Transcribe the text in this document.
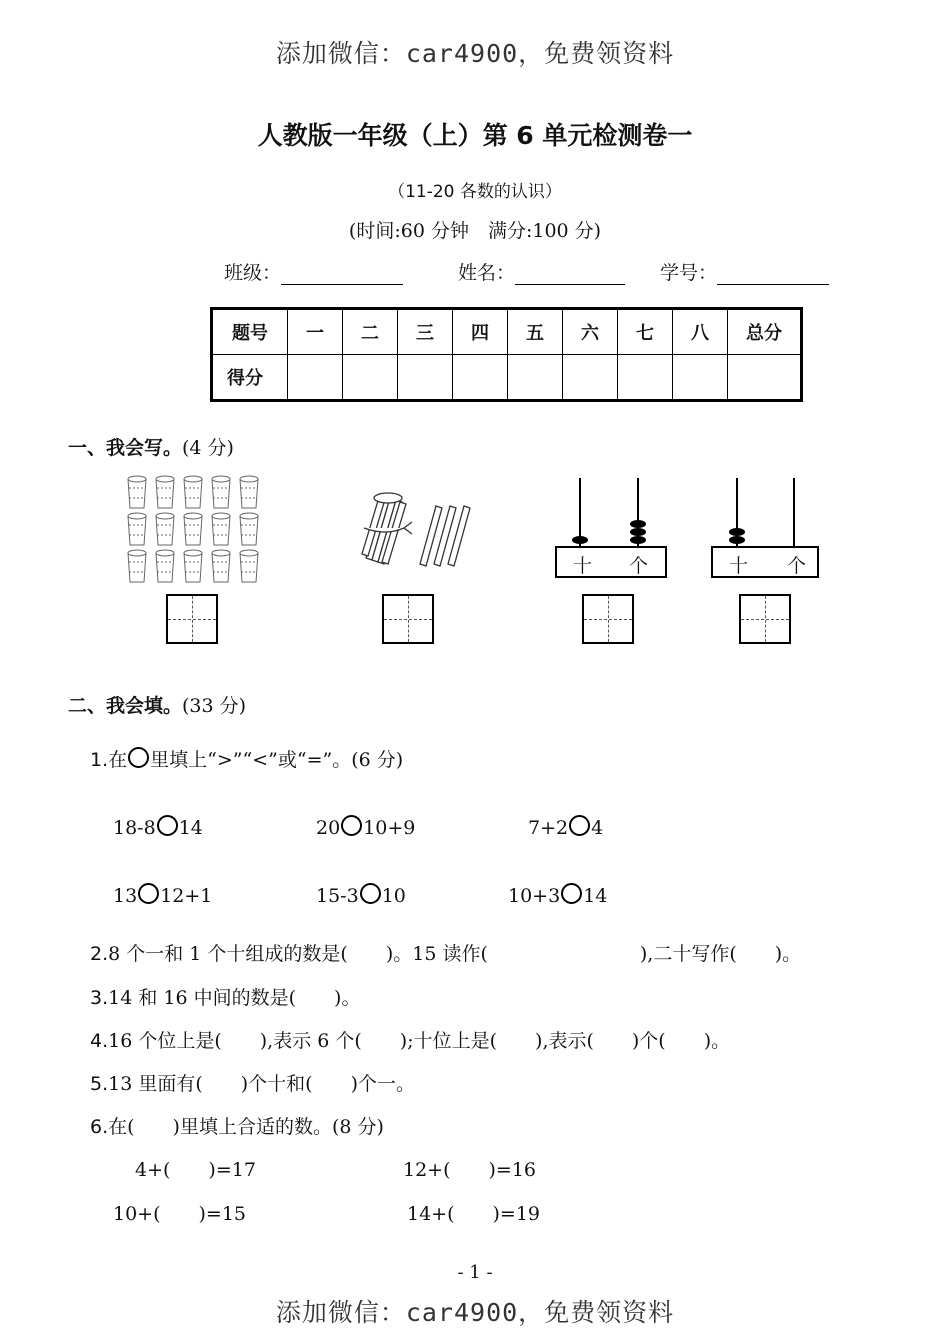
添加微信：car4900，免费领资料
人教版一年级（上）第 6 单元检测卷一
（11-20 各数的认识）
(时间:60 分钟　满分:100 分)
班级：	姓名：	学号：
题号	一	二	三	四	五	六	七	八	总分
得分									
一、我会写。(4 分)
十 个	十 个
二、我会填。(33 分)
1.在 里填上“>”“<”或“=”。(6 分)
18-8 14	20 10+9	7+2 4
13 12+1	15-3 10	10+3 14
2.8 个一和 1 个十组成的数是(　　)。15 读作(　　　　　　　　),二十写作(　　)。
3.14 和 16 中间的数是(　　)。
4.16 个位上是(　　),表示 6 个(　　);十位上是(　　),表示(　　)个(　　)。
5.13 里面有(　　)个十和(　　)个一。
6.在(　　)里填上合适的数。(8 分)
4+(　　)=17	12+(　　)=16
10+(　　)=15	14+(　　)=19
- 1 -
添加微信：car4900，免费领资料
